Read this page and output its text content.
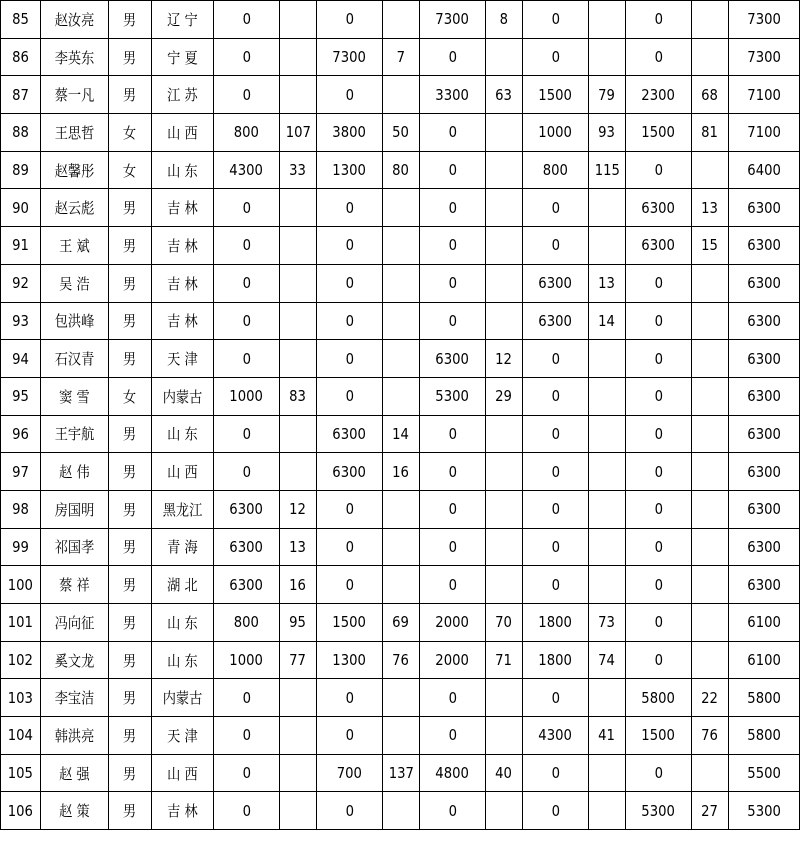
85	赵汝亮	男	辽 宁	0		0		7300	8	0		0		7300
86	李英东	男	宁 夏	0		7300	7	0		0		0		7300
87	蔡一凡	男	江 苏	0		0		3300	63	1500	79	2300	68	7100
88	王思哲	女	山 西	800	107	3800	50	0		1000	93	1500	81	7100
89	赵馨彤	女	山 东	4300	33	1300	80	0		800	115	0		6400
90	赵云彪	男	吉 林	0		0		0		0		6300	13	6300
91	王 斌	男	吉 林	0		0		0		0		6300	15	6300
92	吴 浩	男	吉 林	0		0		0		6300	13	0		6300
93	包洪峰	男	吉 林	0		0		0		6300	14	0		6300
94	石汉青	男	天 津	0		0		6300	12	0		0		6300
95	窦 雪	女	内蒙古	1000	83	0		5300	29	0		0		6300
96	王宇航	男	山 东	0		6300	14	0		0		0		6300
97	赵 伟	男	山 西	0		6300	16	0		0		0		6300
98	房国明	男	黑龙江	6300	12	0		0		0		0		6300
99	祁国孝	男	青 海	6300	13	0		0		0		0		6300
100	蔡 祥	男	湖 北	6300	16	0		0		0		0		6300
101	冯向征	男	山 东	800	95	1500	69	2000	70	1800	73	0		6100
102	奚文龙	男	山 东	1000	77	1300	76	2000	71	1800	74	0		6100
103	李宝洁	男	内蒙古	0		0		0		0		5800	22	5800
104	韩洪亮	男	天 津	0		0		0		4300	41	1500	76	5800
105	赵 强	男	山 西	0		700	137	4800	40	0		0		5500
106	赵 策	男	吉 林	0		0		0		0		5300	27	5300
